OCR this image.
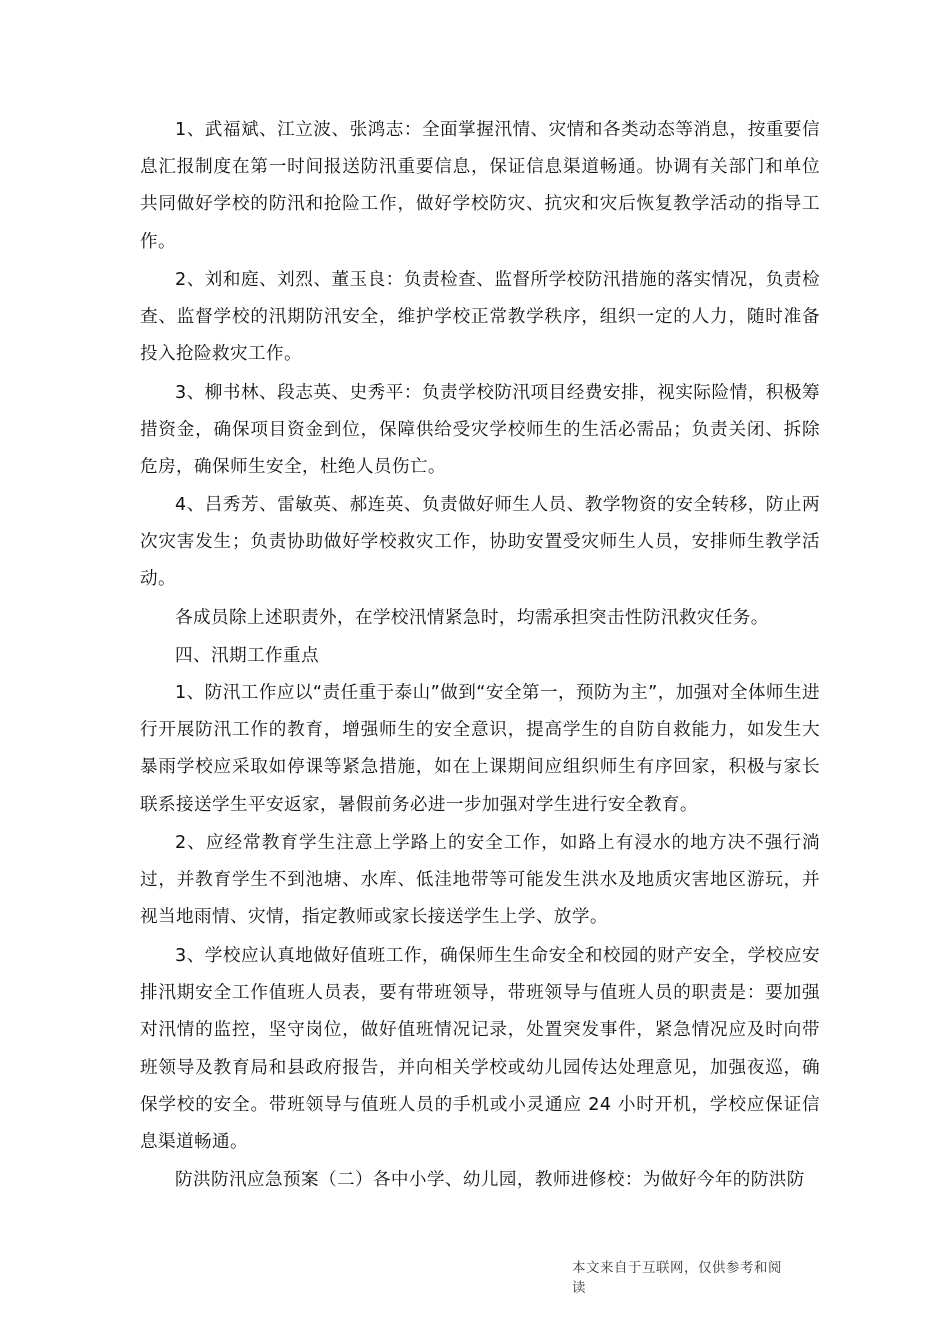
1、武福斌、江立波、张鸿志：全面掌握汛情、灾情和各类动态等消息，按重要信息汇报制度在第一时间报送防汛重要信息，保证信息渠道畅通。协调有关部门和单位共同做好学校的防汛和抢险工作，做好学校防灾、抗灾和灾后恢复教学活动的指导工作。

2、刘和庭、刘烈、董玉良：负责检查、监督所学校防汛措施的落实情况，负责检查、监督学校的汛期防汛安全，维护学校正常教学秩序，组织一定的人力，随时准备投入抢险救灾工作。

3、柳书林、段志英、史秀平：负责学校防汛项目经费安排，视实际险情，积极筹措资金，确保项目资金到位，保障供给受灾学校师生的生活必需品；负责关闭、拆除危房，确保师生安全，杜绝人员伤亡。

4、吕秀芳、雷敏英、郝连英、负责做好师生人员、教学物资的安全转移，防止两次灾害发生；负责协助做好学校救灾工作，协助安置受灾师生人员，安排师生教学活动。

各成员除上述职责外，在学校汛情紧急时，均需承担突击性防汛救灾任务。

四、汛期工作重点

1、防汛工作应以“责任重于泰山”做到“安全第一，预防为主”，加强对全体师生进行开展防汛工作的教育，增强师生的安全意识，提高学生的自防自救能力，如发生大暴雨学校应采取如停课等紧急措施，如在上课期间应组织师生有序回家，积极与家长联系接送学生平安返家，暑假前务必进一步加强对学生进行安全教育。

2、应经常教育学生注意上学路上的安全工作，如路上有浸水的地方决不强行淌过，并教育学生不到池塘、水库、低洼地带等可能发生洪水及地质灾害地区游玩，并视当地雨情、灾情，指定教师或家长接送学生上学、放学。

3、学校应认真地做好值班工作，确保师生生命安全和校园的财产安全，学校应安排汛期安全工作值班人员表，要有带班领导，带班领导与值班人员的职责是：要加强对汛情的监控，坚守岗位，做好值班情况记录，处置突发事件，紧急情况应及时向带班领导及教育局和县政府报告，并向相关学校或幼儿园传达处理意见，加强夜巡，确保学校的安全。带班领导与值班人员的手机或小灵通应 24 小时开机，学校应保证信息渠道畅通。

防洪防汛应急预案（二）各中小学、幼儿园，教师进修校：为做好今年的防洪防

本文来自于互联网，仅供参考和阅读
